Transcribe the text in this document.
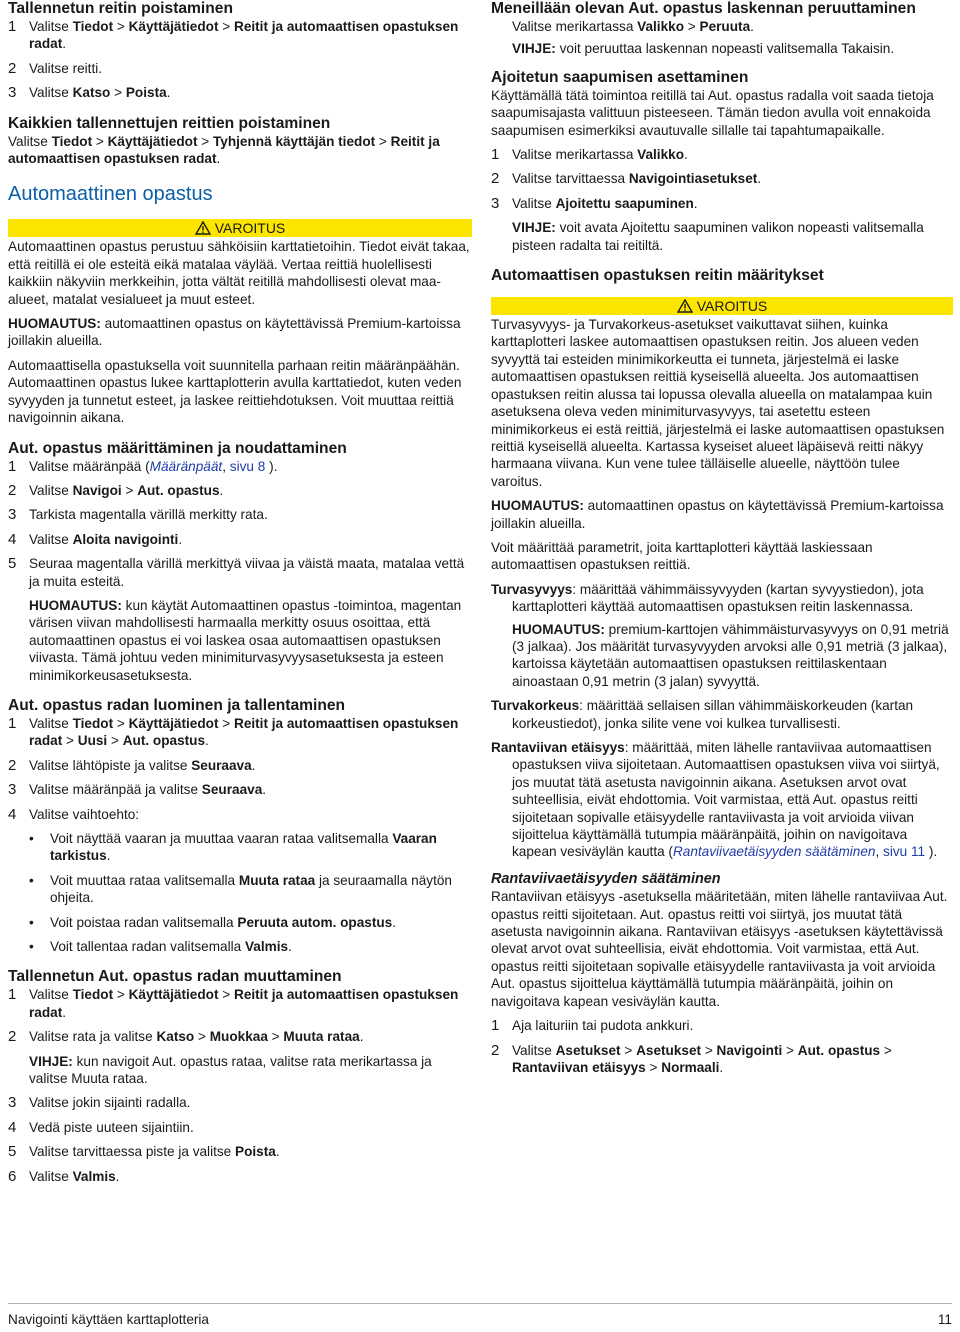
Tallennetun reitin poistaminen
1 Valitse Tiedot > Käyttäjätiedot > Reitit ja automaattisen opastuksen radat.
2 Valitse reitti.
3 Valitse Katso > Poista.
Kaikkien tallennettujen reittien poistaminen

Valitse Tiedot > Käyttäjätiedot > Tyhjennä käyttäjän tiedot > Reitit ja automaattisen opastuksen radat.

Automaattinen opastus
VAROITUS

Automaattinen opastus perustuu sähköisiin karttatietoihin. Tiedot eivät takaa, että reitillä ei ole esteitä eikä matalaa väylää. Vertaa reittiä huolellisesti kaikkiin näkyviin merkkeihin, jotta vältät reitillä mahdollisesti olevat maa-alueet, matalat vesialueet ja muut esteet.

HUOMAUTUS: automaattinen opastus on käytettävissä Premium-kartoissa joillakin alueilla.

Automaattisella opastuksella voit suunnitella parhaan reitin määränpäähän. Automaattinen opastus lukee karttaplotterin avulla karttatiedot, kuten veden syvyyden ja tunnetut esteet, ja laskee reittiehdotuksen. Voit muuttaa reittiä navigoinnin aikana.

Aut. opastus määrittäminen ja noudattaminen
1 Valitse määränpää (Määränpäät, sivu 8 ).
2 Valitse Navigoi > Aut. opastus.
3 Tarkista magentalla värillä merkitty rata.
4 Valitse Aloita navigointi.
5 Seuraa magentalla värillä merkittyä viivaa ja väistä maata, matalaa vettä ja muita esteitä.

HUOMAUTUS: kun käytät Automaattinen opastus -toimintoa, magentan värisen viivan mahdollisesti harmaalla merkitty osuus osoittaa, että automaattinen opastus ei voi laskea osaa automaattisen opastuksen viivasta. Tämä johtuu veden minimiturvasyvyysasetuksesta ja esteen minimikorkeusasetuksesta.

Aut. opastus radan luominen ja tallentaminen
1 Valitse Tiedot > Käyttäjätiedot > Reitit ja automaattisen opastuksen radat > Uusi > Aut. opastus.
2 Valitse lähtöpiste ja valitse Seuraava.
3 Valitse määränpää ja valitse Seuraava.
4 Valitse vaihtoehto:
• Voit näyttää vaaran ja muuttaa vaaran rataa valitsemalla Vaaran tarkistus.
• Voit muuttaa rataa valitsemalla Muuta rataa ja seuraamalla näytön ohjeita.
• Voit poistaa radan valitsemalla Peruuta autom. opastus.
• Voit tallentaa radan valitsemalla Valmis.
Tallennetun Aut. opastus radan muuttaminen
1 Valitse Tiedot > Käyttäjätiedot > Reitit ja automaattisen opastuksen radat.
2 Valitse rata ja valitse Katso > Muokkaa > Muuta rataa.

VIHJE: kun navigoit Aut. opastus rataa, valitse rata merikartassa ja valitse Muuta rataa.

3 Valitse jokin sijainti radalla.
4 Vedä piste uuteen sijaintiin.
5 Valitse tarvittaessa piste ja valitse Poista.
6 Valitse Valmis.
Meneillään olevan Aut. opastus laskennan peruuttaminen

Valitse merikartassa Valikko > Peruuta.

VIHJE: voit peruuttaa laskennan nopeasti valitsemalla Takaisin.

Ajoitetun saapumisen asettaminen

Käyttämällä tätä toimintoa reitillä tai Aut. opastus radalla voit saada tietoja saapumisajasta valittuun pisteeseen. Tämän tiedon avulla voit ennakoida saapumisen esimerkiksi avautuvalle sillalle tai tapahtumapaikalle.

1 Valitse merikartassa Valikko.
2 Valitse tarvittaessa Navigointiasetukset.
3 Valitse Ajoitettu saapuminen.

VIHJE: voit avata Ajoitettu saapuminen valikon nopeasti valitsemalla pisteen radalta tai reitiltä.

Automaattisen opastuksen reitin määritykset
VAROITUS

Turvasyvyys- ja Turvakorkeus-asetukset vaikuttavat siihen, kuinka karttaplotteri laskee automaattisen opastuksen reitin. Jos alueen veden syvyyttä tai esteiden minimikorkeutta ei tunneta, järjestelmä ei laske automaattisen opastuksen reittiä kyseisellä alueelta. Jos automaattisen opastuksen reitin alussa tai lopussa olevalla alueella on matalampaa kuin asetuksena oleva veden minimiturvasyvyys, tai asetettu esteen minimikorkeus ei estä reittiä, järjestelmä ei laske automaattisen opastuksen reittiä kyseisellä alueelta. Kartassa kyseiset alueet läpäisevä reitti näkyy harmaana viivana. Kun vene tulee tälläiselle alueelle, näyttöön tulee varoitus.

HUOMAUTUS: automaattinen opastus on käytettävissä Premium-kartoissa joillakin alueilla.

Voit määrittää parametrit, joita karttaplotteri käyttää laskiessaan automaattisen opastuksen reittiä.

Turvasyvyys: määrittää vähimmäissyvyyden (kartan syvyystiedon), jota karttaplotteri käyttää automaattisen opastuksen reitin laskennassa.

HUOMAUTUS: premium-karttojen vähimmäisturvasyvyys on 0,91 metriä (3 jalkaa). Jos määrität turvasyvyyden arvoksi alle 0,91 metriä (3 jalkaa), kartoissa käytetään automaattisen opastuksen reittilaskentaan ainoastaan 0,91 metrin (3 jalan) syvyyttä.

Turvakorkeus: määrittää sellaisen sillan vähimmäiskorkeuden (kartan korkeustiedot), jonka silite vene voi kulkea turvallisesti.

Rantaviivan etäisyys: määrittää, miten lähelle rantaviivaa automaattisen opastuksen viiva sijoitetaan. Automaattisen opastuksen viiva voi siirtyä, jos muutat tätä asetusta navigoinnin aikana. Asetuksen arvot ovat suhteellisia, eivät ehdottomia. Voit varmistaa, että Aut. opastus reitti sijoitetaan sopivalle etäisyydelle rantaviivasta ja voit arvioida viivan sijoittelua käyttämällä tutumpia määränpäitä, joihin on navigoitava kapean vesiväylän kautta (Rantaviivaetäisyyden säätäminen, sivu 11 ).

Rantaviivaetäisyyden säätäminen

Rantaviivan etäisyys -asetuksella määritetään, miten lähelle rantaviivaa Aut. opastus reitti sijoitetaan. Aut. opastus reitti voi siirtyä, jos muutat tätä asetusta navigoinnin aikana. Rantaviivan etäisyys -asetuksen käytettävissä olevat arvot ovat suhteellisia, eivät ehdottomia. Voit varmistaa, että Aut. opastus reitti sijoitetaan sopivalle etäisyydelle rantaviivasta ja voit arvioida Aut. opastus sijoittelua käyttämällä tutumpia määränpäitä, joihin on navigoitava kapean vesiväylän kautta.

1 Aja laituriin tai pudota ankkuri.
2 Valitse Asetukset > Asetukset > Navigointi > Aut. opastus > Rantaviivan etäisyys > Normaali.
Navigointi käyttäen karttaplotteria	11
